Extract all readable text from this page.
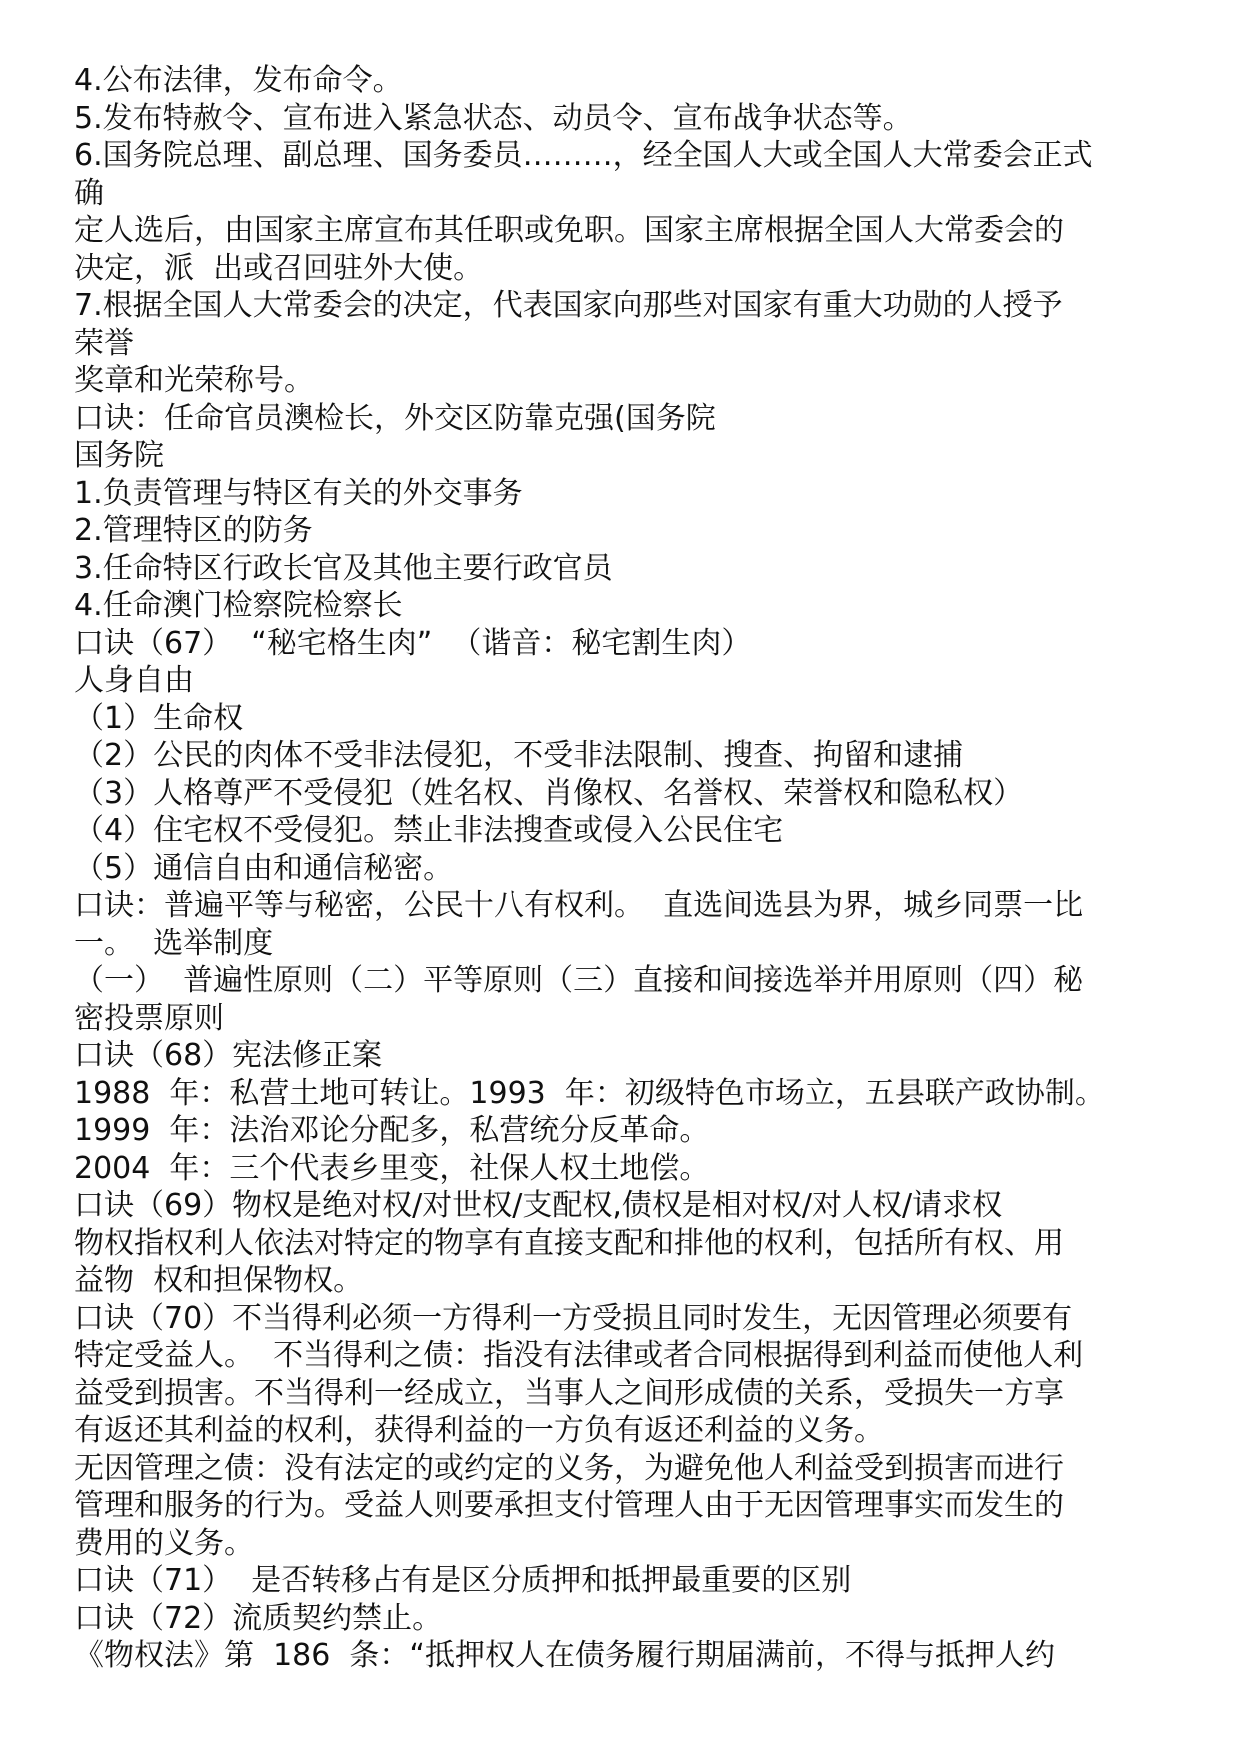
4.公布法律，发布命令。
5.发布特赦令、宣布进入紧急状态、动员令、宣布战争状态等。
6.国务院总理、副总理、国务委员………，经全国人大或全国人大常委会正式
确
定人选后，由国家主席宣布其任职或免职。国家主席根据全国人大常委会的
决定，派  出或召回驻外大使。
7.根据全国人大常委会的决定，代表国家向那些对国家有重大功勋的人授予
荣誉
奖章和光荣称号。
口诀：任命官员澳检长，外交区防靠克强(国务院
国务院
1.负责管理与特区有关的外交事务
2.管理特区的防务
3.任命特区行政长官及其他主要行政官员
4.任命澳门检察院检察长
口诀（67）  “秘宅格生肉”  （谐音：秘宅割生肉）
人身自由
（1）生命权
（2）公民的肉体不受非法侵犯，不受非法限制、搜查、拘留和逮捕
（3）人格尊严不受侵犯（姓名权、肖像权、名誉权、荣誉权和隐私权）
（4）住宅权不受侵犯。禁止非法搜查或侵入公民住宅
（5）通信自由和通信秘密。
口诀：普遍平等与秘密，公民十八有权利。  直选间选县为界，城乡同票一比
一。  选举制度
（一）  普遍性原则（二）平等原则（三）直接和间接选举并用原则（四）秘
密投票原则
口诀（68）宪法修正案
1988  年：私营土地可转让。1993  年：初级特色市场立，五县联产政协制。
1999  年：法治邓论分配多，私营统分反革命。
2004  年：三个代表乡里变，社保人权土地偿。
口诀（69）物权是绝对权/对世权/支配权,债权是相对权/对人权/请求权
物权指权利人依法对特定的物享有直接支配和排他的权利，包括所有权、用
益物  权和担保物权。
口诀（70）不当得利必须一方得利一方受损且同时发生，无因管理必须要有
特定受益人。  不当得利之债：指没有法律或者合同根据得到利益而使他人利
益受到损害。不当得利一经成立，当事人之间形成债的关系，受损失一方享
有返还其利益的权利，获得利益的一方负有返还利益的义务。
无因管理之债：没有法定的或约定的义务，为避免他人利益受到损害而进行
管理和服务的行为。受益人则要承担支付管理人由于无因管理事实而发生的
费用的义务。
口诀（71）  是否转移占有是区分质押和抵押最重要的区别
口诀（72）流质契约禁止。
《物权法》第  186  条：“抵押权人在债务履行期届满前，不得与抵押人约
